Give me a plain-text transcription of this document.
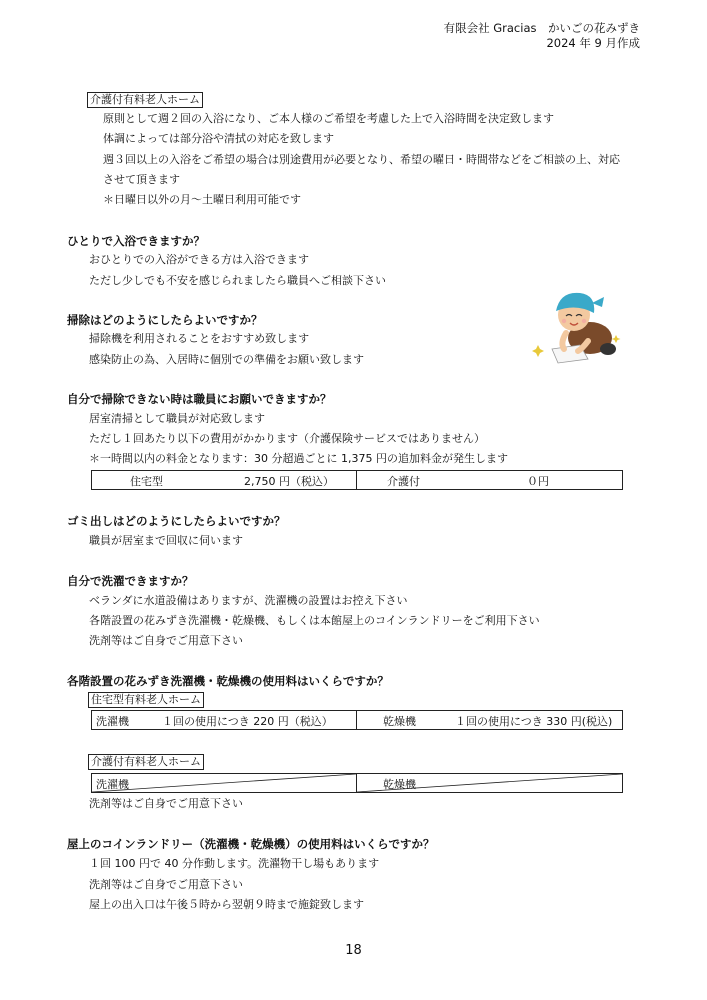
有限会社 Gracias　かいごの花みずき
2024 年 9 月作成
介護付有料老人ホーム
原則として週２回の入浴になり、ご本人様のご希望を考慮した上で入浴時間を決定致します
体調によっては部分浴や清拭の対応を致します
週３回以上の入浴をご希望の場合は別途費用が必要となり、希望の曜日・時間帯などをご相談の上、対応
させて頂きます
＊日曜日以外の月～土曜日利用可能です
ひとりで入浴できますか？
おひとりでの入浴ができる方は入浴できます
ただし少しでも不安を感じられましたら職員へご相談下さい
掃除はどのようにしたらよいですか？
掃除機を利用されることをおすすめ致します
感染防止の為、入居時に個別での準備をお願い致します
自分で掃除できない時は職員にお願いできますか？
居室清掃として職員が対応致します
ただし１回あたり以下の費用がかかります（介護保険サービスではありません）
＊一時間以内の料金となります：30 分超過ごとに 1,375 円の追加料金が発生します
住宅型	2,750 円（税込）	介護付	０円
ゴミ出しはどのようにしたらよいですか？
職員が居室まで回収に伺います
自分で洗濯できますか？
ベランダに水道設備はありますが、洗濯機の設置はお控え下さい
各階設置の花みずき洗濯機・乾燥機、もしくは本館屋上のコインランドリーをご利用下さい
洗剤等はご自身でご用意下さい
各階設置の花みずき洗濯機・乾燥機の使用料はいくらですか？
住宅型有料老人ホーム
洗濯機	１回の使用につき 220 円（税込）	乾燥機	１回の使用につき 330 円(税込)
介護付有料老人ホーム
洗濯機	乾燥機
洗剤等はご自身でご用意下さい
屋上のコインランドリー（洗濯機・乾燥機）の使用料はいくらですか？
１回 100 円で 40 分作動します。洗濯物干し場もあります
洗剤等はご自身でご用意下さい
屋上の出入口は午後５時から翌朝９時まで施錠致します
18
